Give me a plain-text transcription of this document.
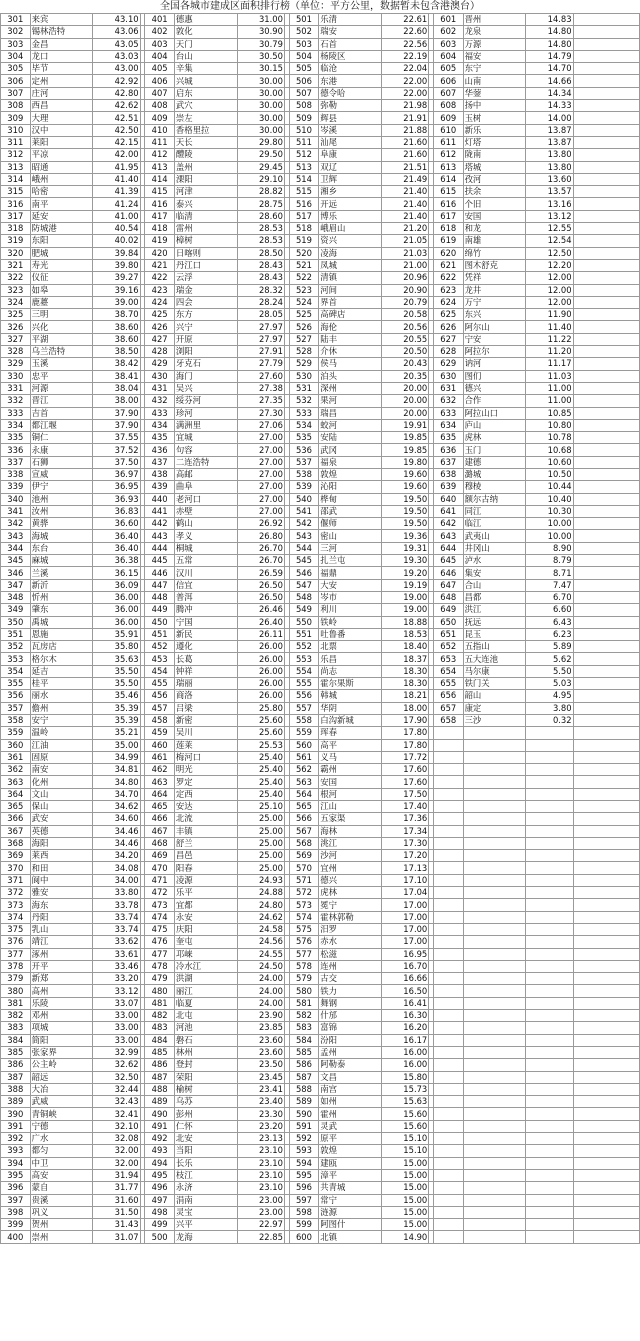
全国各城市建成区面积排行榜（单位：平方公里，数据暂未包含港澳台）
301	来宾	43.10		401	德惠	31.00		501	乐清	22.61		601	晋州	14.83	
302	锡林浩特	43.06		402	敦化	30.90		502	瑞安	22.60		602	龙泉	14.80	
303	金昌	43.05		403	天门	30.79		503	石首	22.56		603	万源	14.80	
304	龙口	43.03		404	台山	30.50		504	杨陵区	22.19		604	福安	14.79	
305	毕节	43.00		405	辛集	30.15		505	临沧	22.04		605	东宁	14.70	
306	定州	42.92		406	兴城	30.00		506	东港	22.00		606	山南	14.66	
307	庄河	42.80		407	启东	30.00		507	德令哈	22.00		607	华蓥	14.34	
308	西昌	42.62		408	武穴	30.00		508	弥勒	21.98		608	扬中	14.33	
309	大理	42.51		409	崇左	30.00		509	辉县	21.91		609	玉树	14.00	
310	汉中	42.50		410	香格里拉	30.00		510	岑溪	21.88		610	新乐	13.87	
311	莱阳	42.15		411	天长	29.80		511	汕尾	21.60		611	灯塔	13.87	
312	平凉	42.00		412	醴陵	29.50		512	阜康	21.60		612	陇南	13.80	
313	昭通	41.95		413	盖州	29.45		513	双辽	21.51		613	塔城	13.80	
314	峨州	41.40		414	溧阳	29.10		514	卫辉	21.49		614	孜河	13.60	
315	哈密	41.39		415	河津	28.82		515	湘乡	21.40		615	扶余	13.57	
316	南平	41.24		416	泰兴	28.75		516	开远	21.40		616	个旧	13.16	
317	延安	41.00		417	临清	28.60		517	博乐	21.40		617	安国	13.12	
318	防城港	40.54		418	雷州	28.53		518	峨眉山	21.20		618	和龙	12.55	
319	东阳	40.02		419	樟树	28.53		519	资兴	21.05		619	南雄	12.54	
320	肥城	39.84		420	日喀则	28.50		520	凌海	21.03		620	绵竹	12.50	
321	寿光	39.80		421	丹江口	28.43		521	凤城	21.00		621	图木舒克	12.20	
322	仪征	39.27		422	云浮	28.43		522	清镇	20.96		622	凭祥	12.00	
323	如皋	39.16		423	瑞金	28.32		523	河间	20.90		623	龙井	12.00	
324	鹿薹	39.00		424	四会	28.24		524	界首	20.79		624	万宁	12.00	
325	三明	38.70		425	东方	28.05		525	高碑店	20.58		625	东兴	11.90	
326	兴化	38.60		426	兴宁	27.97		526	海伦	20.56		626	阿尔山	11.40	
327	平湖	38.60		427	开原	27.97		527	陆丰	20.55		627	宁安	11.22	
328	乌兰浩特	38.50		428	浏阳	27.91		528	介休	20.50		628	阿拉尔	11.20	
329	玉溪	38.42		429	牙克石	27.79		529	侯马	20.43		629	讷河	11.17	
330	忠平	38.41		430	海门	27.60		530	泊头	20.35		630	图们	11.03	
331	河源	38.04		431	吴兴	27.38		531	深州	20.00		631	德兴	11.00	
332	晋江	38.00		432	绥芬河	27.35		532	果河	20.00		632	合作	11.00	
333	吉首	37.90		433	珍河	27.30		533	瑞昌	20.00		633	阿拉山口	10.85	
334	都江堰	37.90		434	满洲里	27.06		534	蛟河	19.91		634	庐山	10.80	
335	铜仁	37.55		435	宜城	27.00		535	安陆	19.85		635	虎林	10.78	
336	永康	37.52		436	句容	27.00		536	武冈	19.85		636	玉门	10.68	
337	石狮	37.50		437	二连浩特	27.00		537	福泉	19.80		637	建德	10.60	
338	宣威	36.97		438	高邮	27.00		538	敦煌	19.60		638	潞城	10.50	
339	伊宁	36.95		439	曲阜	27.00		539	沁阳	19.60		639	穆棱	10.44	
340	池州	36.93		440	老河口	27.00		540	桦甸	19.50		640	额尔古纳	10.40	
341	汝州	36.83		441	赤壁	27.00		541	邵武	19.50		641	同江	10.30	
342	黄骅	36.60		442	鹤山	26.92		542	偃师	19.50		642	临江	10.00	
343	海城	36.40		443	孝义	26.80		543	密山	19.36		643	武夷山	10.00	
344	东台	36.40		444	桐城	26.70		544	三河	19.31		644	井冈山	8.90	
345	麻城	36.38		445	五常	26.70		545	扎兰屯	19.30		645	泸水	8.79	
346	兰溪	36.15		446	汉川	26.59		546	福鼎	19.20		646	集安	8.71	
347	新沂	36.09		447	信宜	26.50		547	大安	19.19		647	合山	7.47	
348	忻州	36.00		448	普洱	26.50		548	岑市	19.00		648	昌都	6.70	
349	肇东	36.00		449	腾冲	26.46		549	利川	19.00		649	洪江	6.60	
350	禹城	36.00		450	宁国	26.40		550	铁岭	18.88		650	抚远	6.43	
351	恩施	35.91		451	新民	26.11		551	吐鲁番	18.53		651	昆玉	6.23	
352	瓦房店	35.80		452	遵化	26.00		552	北票	18.40		652	五指山	5.89	
353	格尔木	35.63		453	长葛	26.00		553	乐昌	18.37		653	五大连池	5.62	
354	延吉	35.50		454	钟祥	26.00		554	尚志	18.30		654	马尔康	5.50	
355	桂平	35.50		455	瑞丽	26.00		555	霍尔果斯	18.30		655	铁门关	5.03	
356	丽水	35.46		456	商洛	26.00		556	韩城	18.21		656	韶山	4.95	
357	儋州	35.39		457	吕梁	25.80		557	华阴	18.00		657	康定	3.80	
358	安宁	35.39		458	新密	25.60		558	白沟新城	17.90		658	三沙	0.32	
359	温岭	35.21		459	吴川	25.60		559	珲春	17.80					
360	江油	35.00		460	莲莱	25.53		560	高平	17.80					
361	固原	34.99		461	梅河口	25.40		561	义马	17.72					
362	南安	34.81		462	明光	25.40		562	霸州	17.60					
363	化州	34.80		463	罗定	25.40		563	安国	17.60					
364	文山	34.70		464	定西	25.40		564	根河	17.50					
365	保山	34.62		465	安达	25.10		565	江山	17.40					
366	武安	34.60		466	北流	25.00		566	五家渠	17.36					
367	英德	34.46		467	丰镇	25.00		567	海林	17.34					
368	海阳	34.46		468	舒兰	25.00		568	洮江	17.30					
369	莱西	34.20		469	昌邑	25.00		569	沙河	17.20					
370	和田	34.08		470	阳春	25.00		570	宜州	17.13					
371	阆中	34.00		471	凌源	24.93		571	德兴	17.10					
372	雅安	33.80		472	乐平	24.88		572	虎林	17.04					
373	海东	33.78		473	宜都	24.80		573	冕宁	17.00					
374	丹阳	33.74		474	永安	24.62		574	霍林郭勒	17.00					
375	乳山	33.74		475	庆阳	24.58		575	汨罗	17.00					
376	靖江	33.62		476	奎屯	24.56		576	赤水	17.00					
377	涿州	33.61		477	邛崃	24.55		577	松滋	16.95					
378	开平	33.46		478	冷水江	24.50		578	连州	16.70					
379	新郑	33.20		479	洪湖	24.00		579	古交	16.66					
380	高州	33.12		480	丽江	24.00		580	铁力	16.50					
381	乐陵	33.07		481	临夏	24.00		581	舞钢	16.41					
382	邓州	33.00		482	北屯	23.90		582	什邡	16.30					
383	项城	33.00		483	河池	23.85		583	富锦	16.20					
384	简阳	33.00		484	磐石	23.60		584	汾阳	16.17					
385	张家界	32.99		485	林州	23.60		585	孟州	16.00					
386	公主岭	32.62		486	登封	23.50		586	阿勒泰	16.00					
387	韶远	32.50		487	荣阳	23.45		587	文昌	15.80					
388	大冶	32.44		488	榆树	23.41		588	南宫	15.73					
389	武威	32.43		489	乌苏	23.40		589	如州	15.63					
390	青铜峡	32.41		490	彭州	23.30		590	霍州	15.60					
391	宁德	32.10		491	仁怀	23.20		591	灵武	15.60					
392	广水	32.08		492	北安	23.13		592	原平	15.10					
393	都匀	32.00		493	当阳	23.10		593	敦煌	15.10					
394	中卫	32.00		494	长乐	23.10		594	建瓯	15.00					
395	高安	31.94		495	枝江	23.10		595	漳平	15.00					
396	蒙自	31.77		496	永济	23.10		596	共青城	15.00					
397	贵溪	31.60		497	涓南	23.00		597	常宁	15.00					
398	巩义	31.50		498	灵宝	23.00		598	涟源	15.00					
399	贺州	31.43		499	兴平	22.97		599	阿图什	15.00					
400	崇州	31.07		500	龙海	22.85		600	北镇	14.90					
